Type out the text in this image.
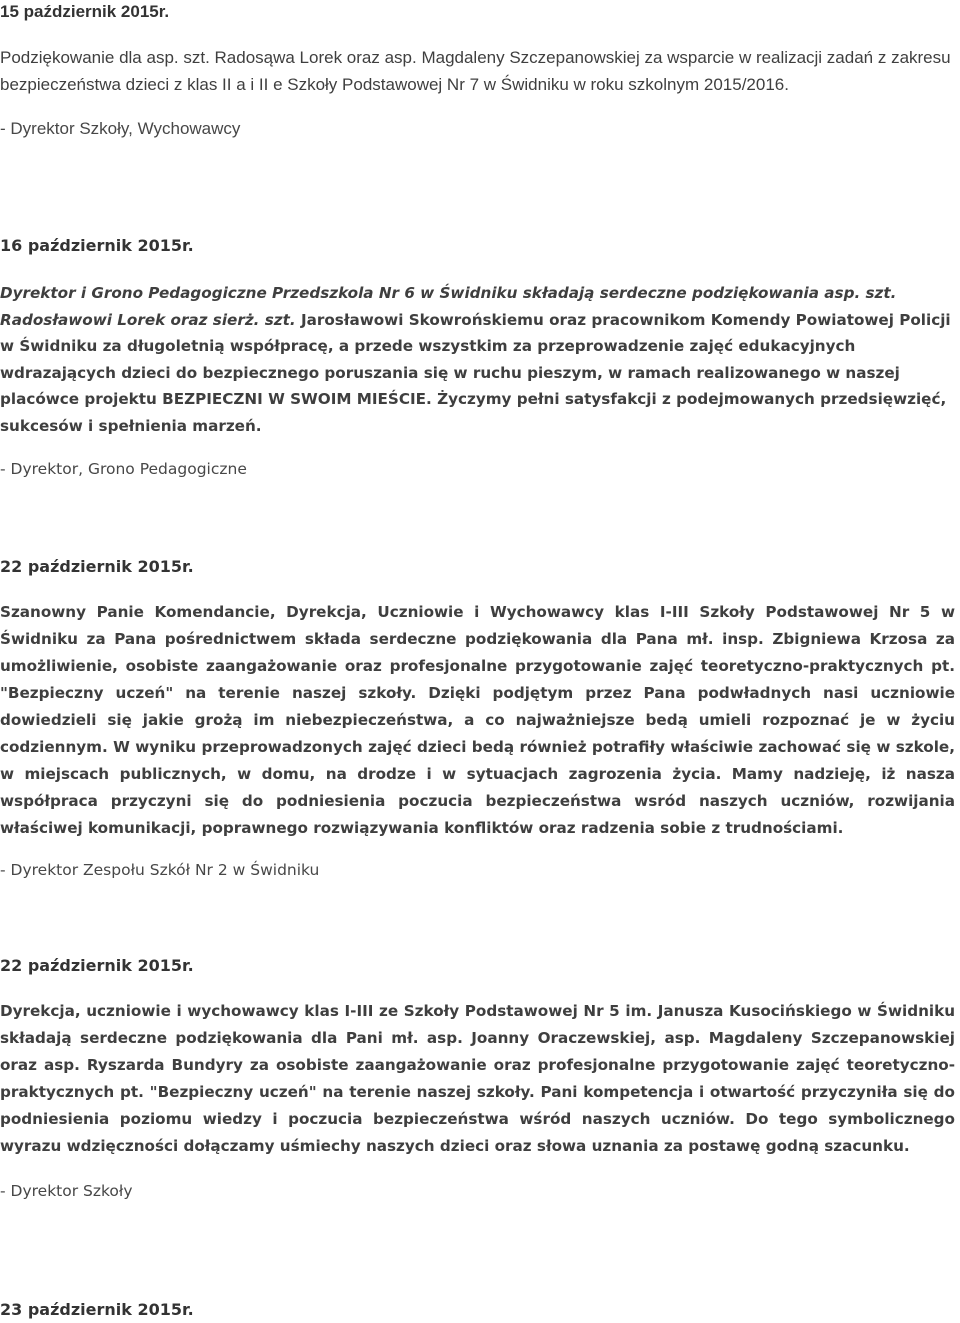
15 październik 2015r.

Podziękowanie dla asp. szt. Radosąwa Lorek oraz asp. Magdaleny Szczepanowskiej za wsparcie w realizacji zadań z zakresu bezpieczeństwa dzieci z klas II a i II e Szkoły Podstawowej Nr 7 w Świdniku w roku szkolnym 2015/2016.

- Dyrektor Szkoły, Wychowawcy

16 październik 2015r.

Dyrektor i Grono Pedagogiczne Przedszkola Nr 6 w Świdniku składają serdeczne podziękowania asp. szt. Radosławowi Lorek oraz sierż. szt. Jarosławowi Skowrońskiemu oraz pracownikom Komendy Powiatowej Policji w Świdniku za długoletnią współpracę, a przede wszystkim za przeprowadzenie zajęć edukacyjnych wdrazających dzieci do bezpiecznego poruszania się w ruchu pieszym, w ramach realizowanego w naszej placówce projektu BEZPIECZNI W SWOIM MIEŚCIE. Życzymy pełni satysfakcji z podejmowanych przedsięwzięć, sukcesów i spełnienia marzeń.

- Dyrektor, Grono Pedagogiczne

22 październik 2015r.

Szanowny Panie Komendancie, Dyrekcja, Uczniowie i Wychowawcy klas I-III Szkoły Podstawowej Nr 5 w Świdniku za Pana pośrednictwem składa serdeczne podziękowania dla Pana mł. insp. Zbigniewa Krzosa za umożliwienie, osobiste zaangażowanie oraz profesjonalne przygotowanie zajęć teoretyczno-praktycznych pt. "Bezpieczny uczeń" na terenie naszej szkoły. Dzięki podjętym przez Pana podwładnych nasi uczniowie dowiedzieli się jakie grożą im niebezpieczeństwa, a co najważniejsze bedą umieli rozpoznać je w życiu codziennym. W wyniku przeprowadzonych zajęć dzieci bedą również potrafiły właściwie zachować się w szkole, w miejscach publicznych, w domu, na drodze i w sytuacjach zagrozenia życia. Mamy nadzieję, iż nasza współpraca przyczyni się do podniesienia poczucia bezpieczeństwa wsród naszych uczniów, rozwijania właściwej komunikacji, poprawnego rozwiązywania konfliktów oraz radzenia sobie z trudnościami.

- Dyrektor Zespołu Szkół Nr 2 w Świdniku

22 październik 2015r.

Dyrekcja, uczniowie i wychowawcy klas I-III ze Szkoły Podstawowej Nr 5 im. Janusza Kusocińskiego w Świdniku składają serdeczne podziękowania dla Pani mł. asp. Joanny Oraczewskiej, asp. Magdaleny Szczepanowskiej oraz asp. Ryszarda Bundyry za osobiste zaangażowanie oraz profesjonalne przygotowanie zajęć teoretyczno-praktycznych pt. "Bezpieczny uczeń" na terenie naszej szkoły. Pani kompetencja i otwartość przyczyniła się do podniesienia poziomu wiedzy i poczucia bezpieczeństwa wśród naszych uczniów. Do tego symbolicznego wyrazu wdzięczności dołączamy uśmiechy naszych dzieci oraz słowa uznania za postawę godną szacunku.

- Dyrektor Szkoły

23 październik 2015r.
